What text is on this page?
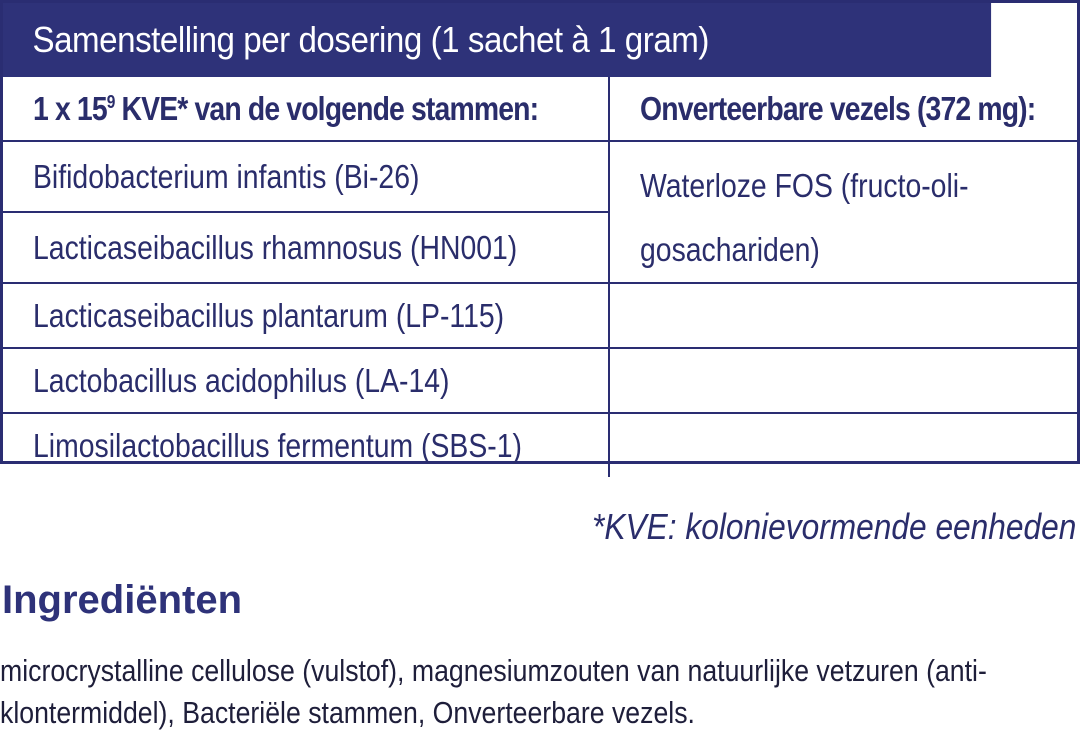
Samenstelling per dosering (1 sachet à 1 gram)
1 x $15^9$ KVE* van de volgende stammen:	Onverteerbare vezels (372 mg):
Bifidobacterium infantis (Bi-26)	Waterloze FOS (fructo-oli-gosachariden)
Lacticaseibacillus rhamnosus (HN001)	
Lacticaseibacillus plantarum (LP-115)	
Lactobacillus acidophilus (LA-14)	
Limosilactobacillus fermentum (SBS-1)	
*KVE: kolonievormende eenheden
Ingrediënten
microcrystalline cellulose (vulstof), magnesiumzouten van natuurlijke vetzuren (anti-klontermiddel), Bacteriële stammen, Onverteerbare vezels.
